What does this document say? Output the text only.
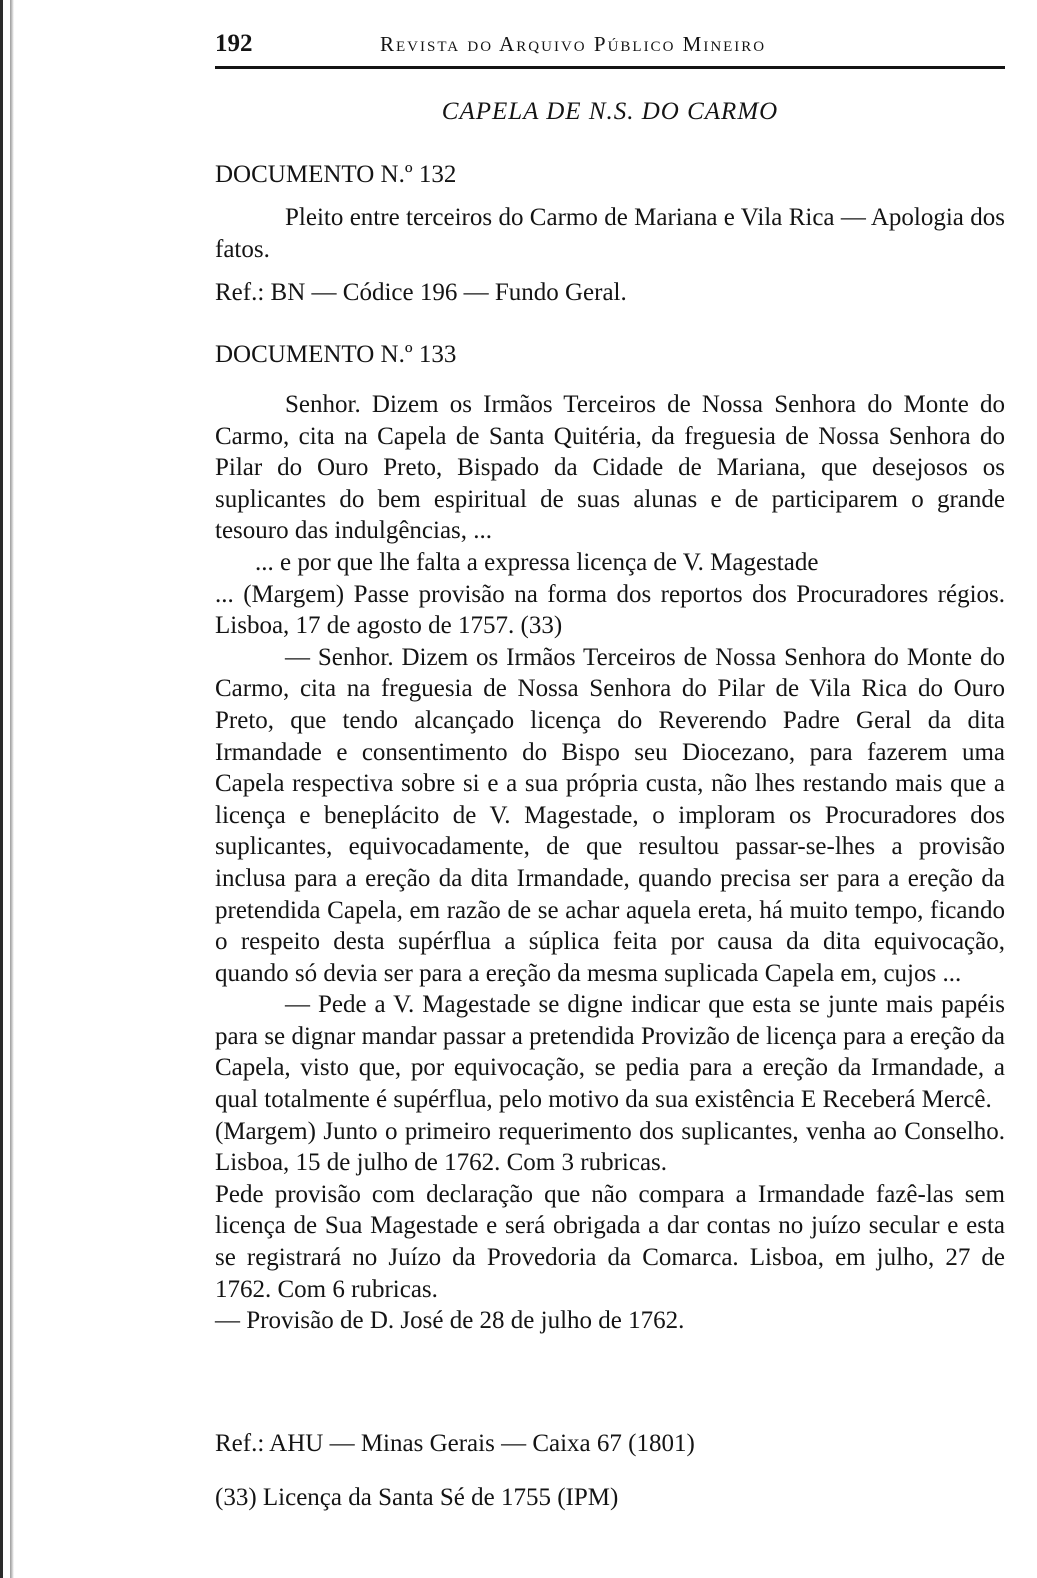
192	Revista do Arquivo Público Mineiro
CAPELA DE N.S. DO CARMO
DOCUMENTO N.º 132

Pleito entre terceiros do Carmo de Mariana e Vila Rica — Apologia dos fatos.

Ref.: BN — Códice 196 — Fundo Geral.
DOCUMENTO N.º 133

Senhor. Dizem os Irmãos Terceiros de Nossa Senhora do Monte do Carmo, cita na Capela de Santa Quitéria, da freguesia de Nossa Senhora do Pilar do Ouro Preto, Bispado da Cidade de Mariana, que desejosos os suplicantes do bem espiritual de suas alunas e de participarem o grande tesouro das indulgências, ...

... e por que lhe falta a expressa licença de V. Magestade

... (Margem) Passe provisão na forma dos reportos dos Procuradores régios. Lisboa, 17 de agosto de 1757. (33)

— Senhor. Dizem os Irmãos Terceiros de Nossa Senhora do Monte do Carmo, cita na freguesia de Nossa Senhora do Pilar de Vila Rica do Ouro Preto, que tendo alcançado licença do Reverendo Padre Geral da dita Irmandade e consentimento do Bispo seu Diocezano, para fazerem uma Capela respectiva sobre si e a sua própria custa, não lhes restando mais que a licença e beneplácito de V. Magestade, o imploram os Procuradores dos suplicantes, equivocadamente, de que resultou passar-se-lhes a provisão inclusa para a ereção da dita Irmandade, quando precisa ser para a ereção da pretendida Capela, em razão de se achar aquela ereta, há muito tempo, ficando o respeito desta supérflua a súplica feita por causa da dita equivocação, quando só devia ser para a ereção da mesma suplicada Capela em, cujos ...

— Pede a V. Magestade se digne indicar que esta se junte mais papéis para se dignar mandar passar a pretendida Provizão de licença para a ereção da Capela, visto que, por equivocação, se pedia para a ereção da Irmandade, a qual totalmente é supérflua, pelo motivo da sua existência E Receberá Mercê.

(Margem) Junto o primeiro requerimento dos suplicantes, venha ao Conselho. Lisboa, 15 de julho de 1762. Com 3 rubricas.

Pede provisão com declaração que não compara a Irmandade fazê-las sem licença de Sua Magestade e será obrigada a dar contas no juízo secular e esta se registrará no Juízo da Provedoria da Comarca. Lisboa, em julho, 27 de 1762. Com 6 rubricas.

— Provisão de D. José de 28 de julho de 1762.

Ref.: AHU — Minas Gerais — Caixa 67 (1801)
(33) Licença da Santa Sé de 1755 (IPM)
